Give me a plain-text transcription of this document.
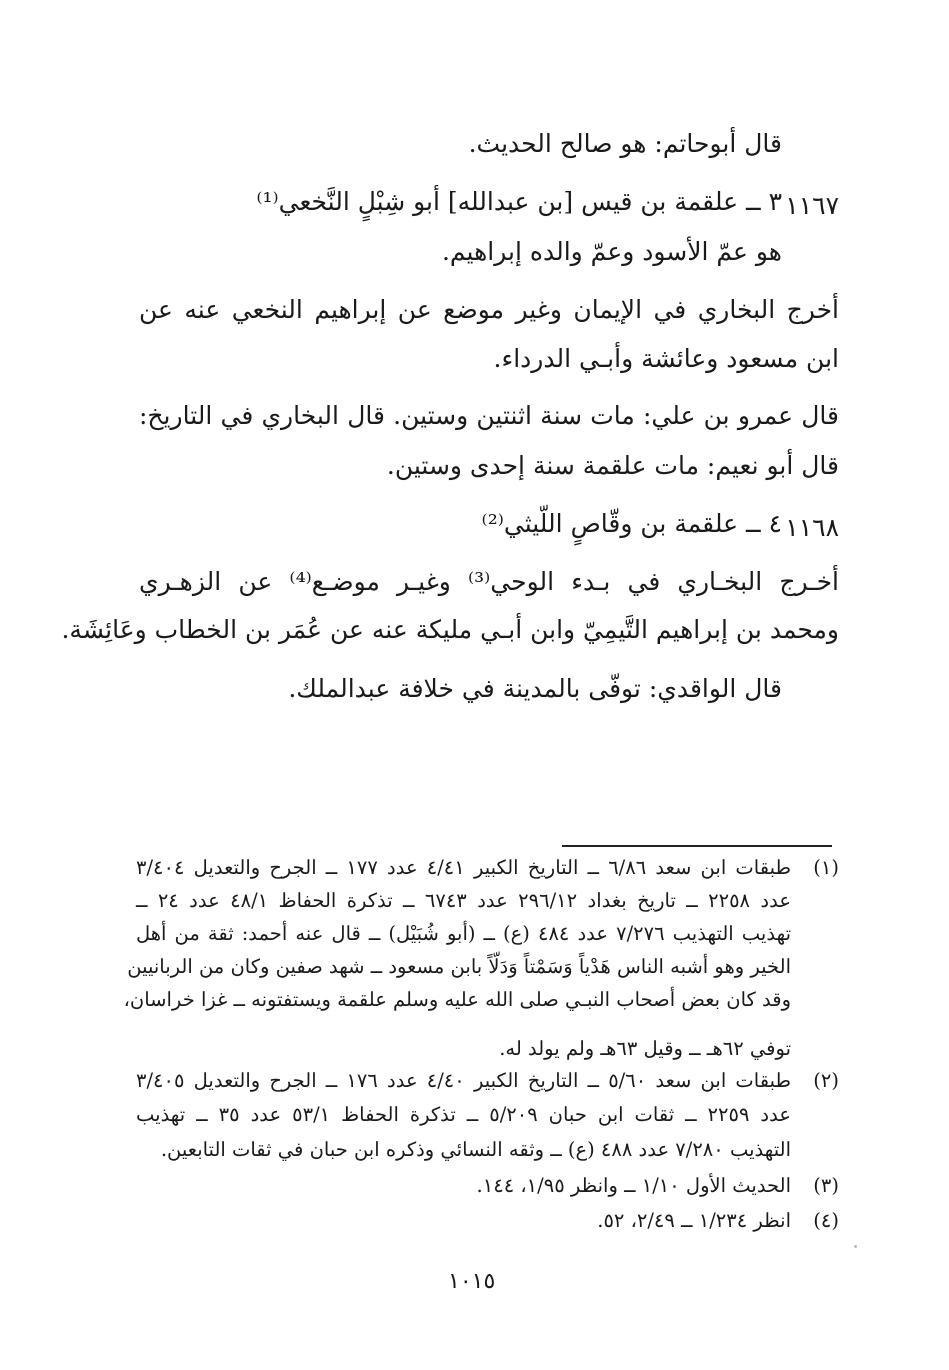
قال أبوحاتم: هو صالح الحديث.
١١٦٧
٣ ــ علقمة بن قيس [بن عبدالله] أبو شِبْلٍ النَّخعي⁽¹⁾
هو عمّ الأسود وعمّ والده إبراهيم.
أخرج البخاري في الإيمان وغير موضع عن إبراهيم النخعي عنه عن
ابن مسعود وعائشة وأبـي الدرداء.
قال عمرو بن علي: مات سنة اثنتين وستين. قال البخاري في التاريخ:
قال أبو نعيم: مات علقمة سنة إحدى وستين.
١١٦٨
٤ ــ علقمة بن وقّاصٍ اللّيثي⁽²⁾
أخـرج البخـاري في بـدء الوحي⁽³⁾ وغيـر موضـع⁽⁴⁾ عن الزهـري
ومحمد بن إبراهيم التَّيمِيّ وابن أبـي مليكة عنه عن عُمَر بن الخطاب وعَائِشَة.
قال الواقدي: توفّى بالمدينة في خلافة عبدالملك.
(١)
طبقات ابن سعد ٦/٨٦ ــ التاريخ الكبير ٤/٤١ عدد ١٧٧ ــ الجرح والتعديل ٣/٤٠٤
عدد ٢٢٥٨ ــ تاريخ بغداد ٢٩٦/١٢ عدد ٦٧٤٣ ــ تذكرة الحفاظ ٤٨/١ عدد ٢٤ ــ
تهذيب التهذيب ٧/٢٧٦ عدد ٤٨٤ (ع) ــ (أبو شُبَيْل) ــ قال عنه أحمد: ثقة من أهل
الخير وهو أشبه الناس هَدْياً وَسَمْتاً وَدَلّاً بابن مسعود ــ شهد صفين وكان من الربانيين
وقد كان بعض أصحاب النبـي صلى الله عليه وسلم علقمة ويستفتونه ــ غزا خراسان،
توفي ٦٢هـ ــ وقيل ٦٣هـ ولم يولد له.
(٢)
طبقات ابن سعد ٥/٦٠ ــ التاريخ الكبير ٤/٤٠ عدد ١٧٦ ــ الجرح والتعديل ٣/٤٠٥
عدد ٢٢٥٩ ــ ثقات ابن حبان ٥/٢٠٩ ــ تذكرة الحفاظ ٥٣/١ عدد ٣٥ ــ تهذيب
التهذيب ٧/٢٨٠ عدد ٤٨٨ (ع) ــ وثقه النسائي وذكره ابن حبان في ثقات التابعين.
(٣)
الحديث الأول ١/١٠ ــ وانظر ١/٩٥، ١٤٤.
(٤)
انظر ١/٢٣٤ ــ ٢/٤٩، ٥٢.
١٠١٥
